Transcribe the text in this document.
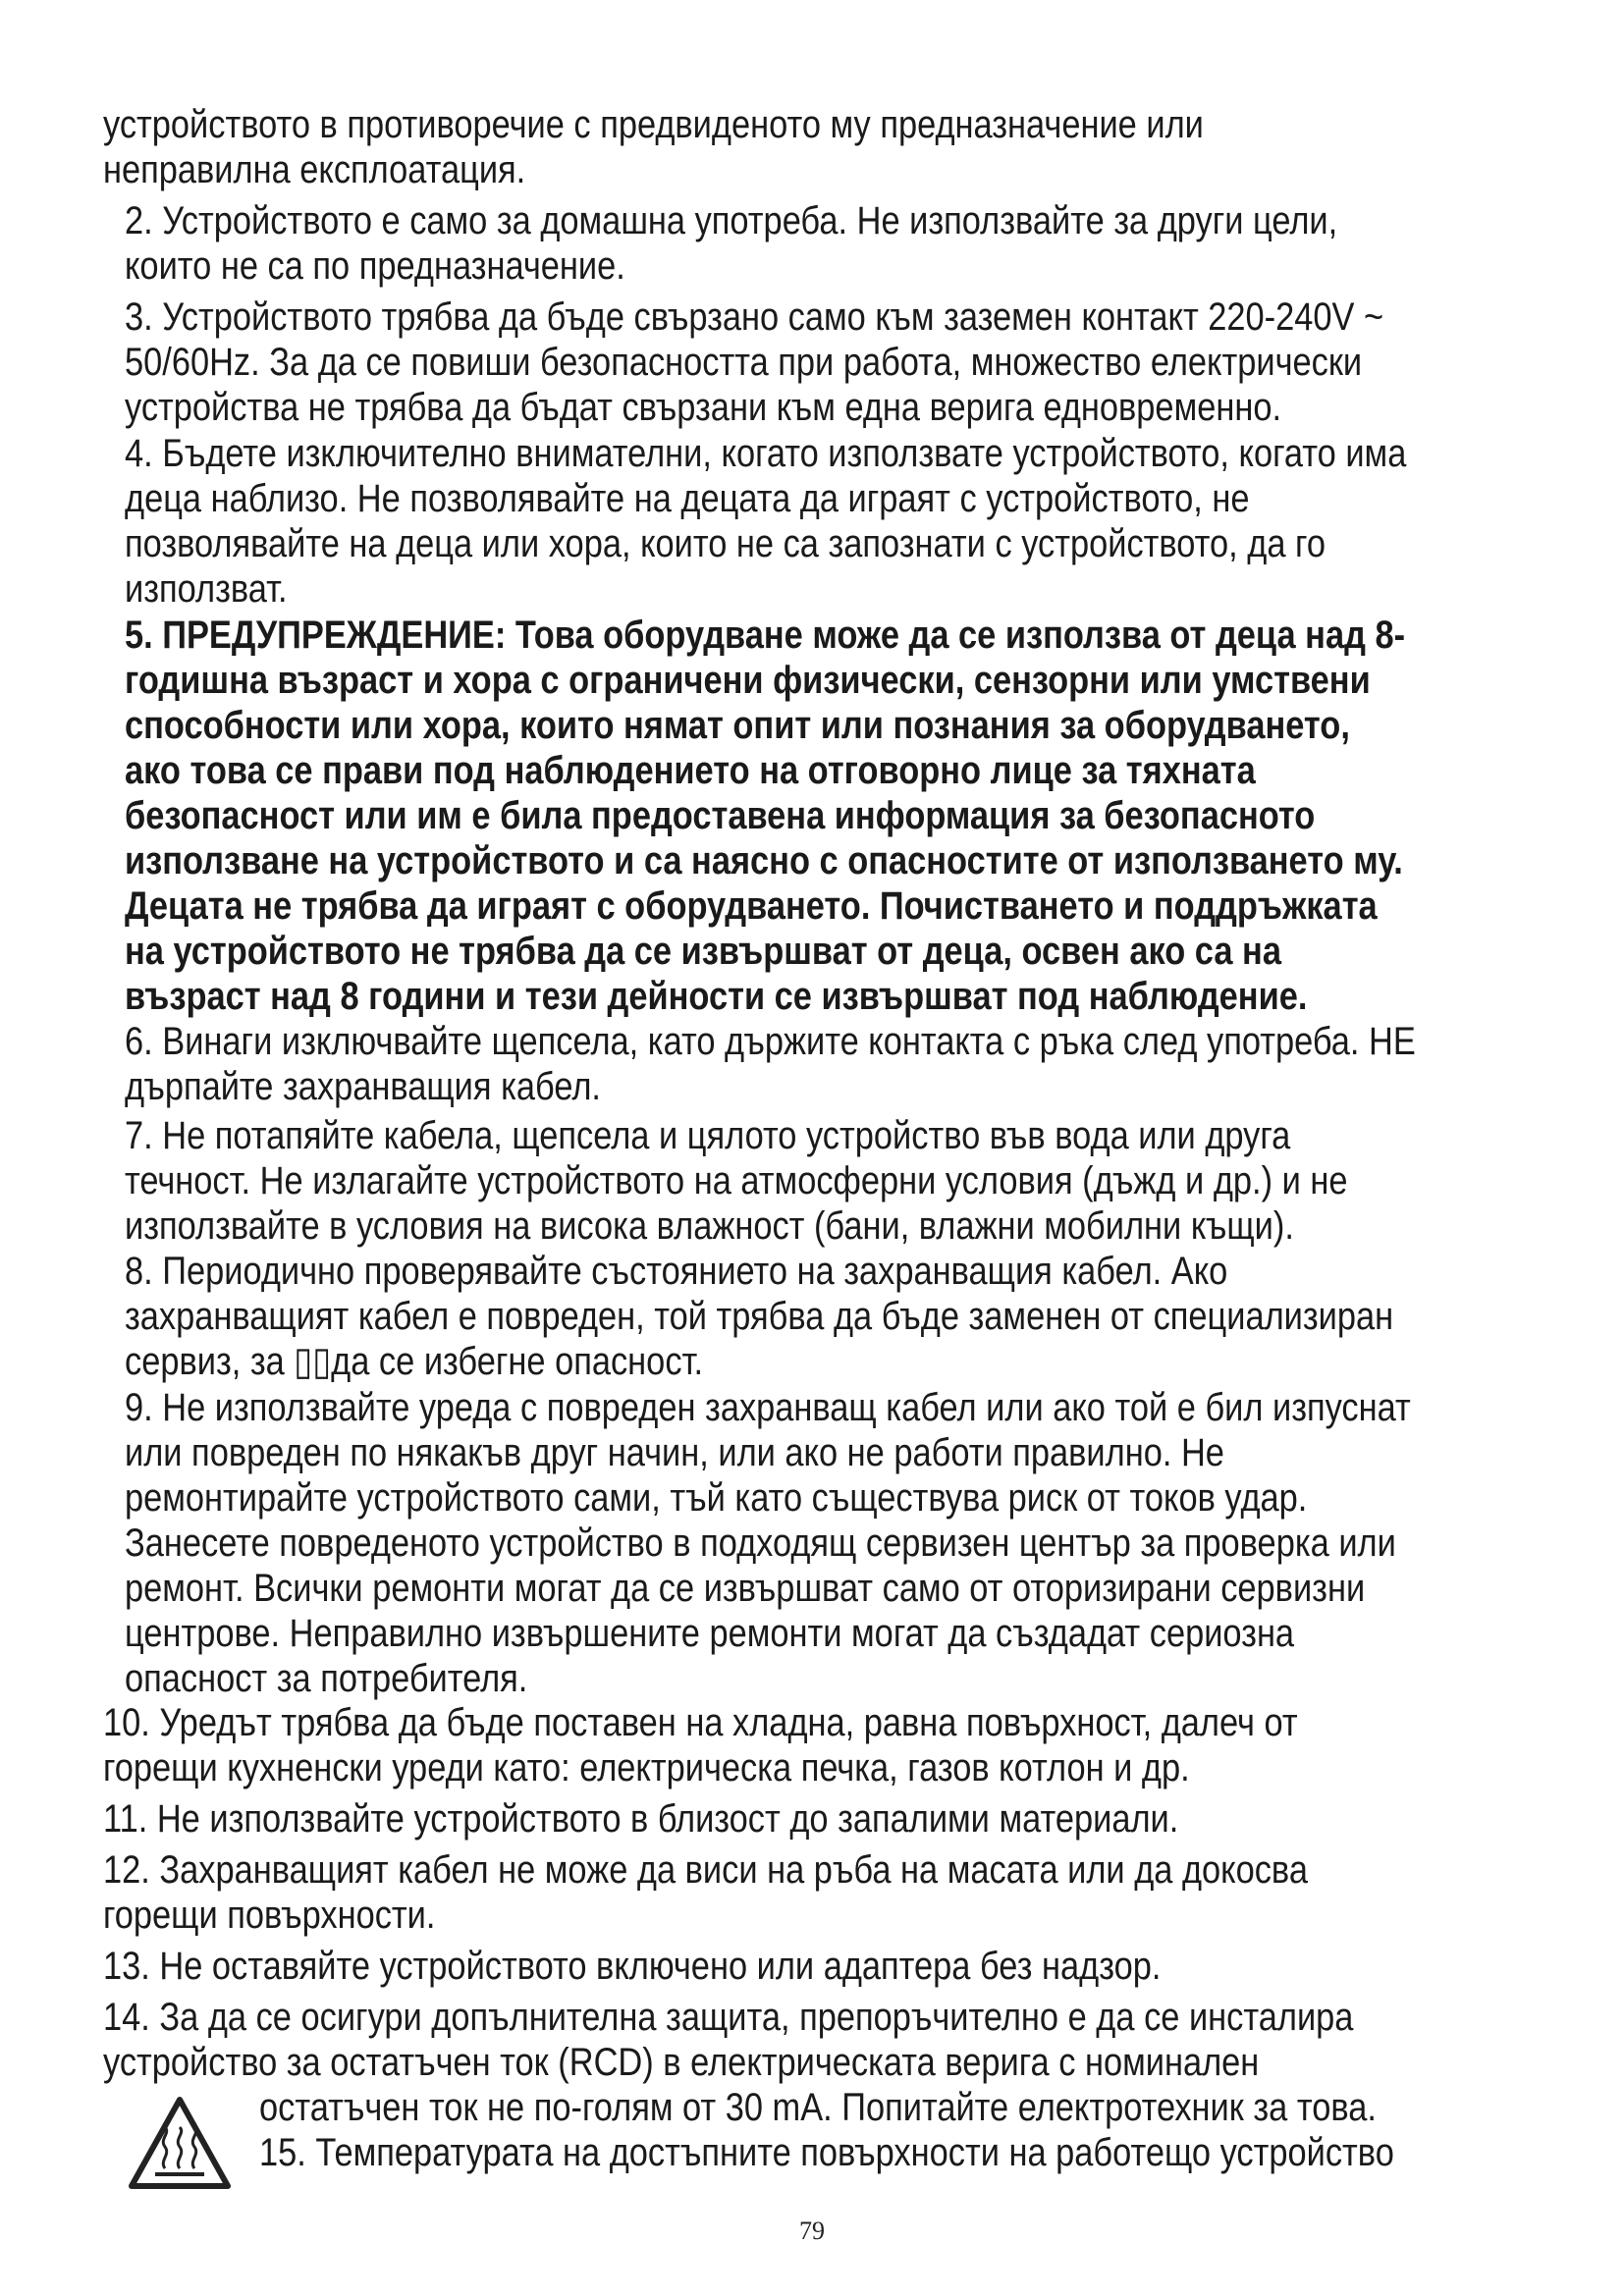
устройството в противоречие с предвиденото му предназначение или
неправилна експлоатация.
2. Устройството е само за домашна употреба. Не използвайте за други цели,
които не са по предназначение.
3. Устройството трябва да бъде свързано само към заземен контакт 220-240V ~
50/60Hz. За да се повиши безопасността при работа, множество електрически
устройства не трябва да бъдат свързани към една верига едновременно.
4. Бъдете изключително внимателни, когато използвате устройството, когато има
деца наблизо. Не позволявайте на децата да играят с устройството, не
позволявайте на деца или хора, които не са запознати с устройството, да го
използват.
5. ПРЕДУПРЕЖДЕНИЕ: Това оборудване може да се използва от деца над 8-
годишна възраст и хора с ограничени физически, сензорни или умствени
способности или хора, които нямат опит или познания за оборудването,
ако това се прави под наблюдението на отговорно лице за тяхната
безопасност или им е била предоставена информация за безопасното
използване на устройството и са наясно с опасностите от използването му.
Децата не трябва да играят с оборудването. Почистването и поддръжката
на устройството не трябва да се извършват от деца, освен ако са на
възраст над 8 години и тези дейности се извършват под наблюдение.
6. Винаги изключвайте щепсела, като държите контакта с ръка след употреба. НЕ
дърпайте захранващия кабел.
7. Не потапяйте кабела, щепсела и цялото устройство във вода или друга
течност. Не излагайте устройството на атмосферни условия (дъжд и др.) и не
използвайте в условия на висока влажност (бани, влажни мобилни къщи).
8. Периодично проверявайте състоянието на захранващия кабел. Ако
захранващият кабел е повреден, той трябва да бъде заменен от специализиран
сервиз, за ▯▯да се избегне опасност.
9. Не използвайте уреда с повреден захранващ кабел или ако той е бил изпуснат
или повреден по някакъв друг начин, или ако не работи правилно. Не
ремонтирайте устройството сами, тъй като съществува риск от токов удар.
Занесете повреденото устройство в подходящ сервизен център за проверка или
ремонт. Всички ремонти могат да се извършват само от оторизирани сервизни
центрове. Неправилно извършените ремонти могат да създадат сериозна
опасност за потребителя.
10. Уредът трябва да бъде поставен на хладна, равна повърхност, далеч от
горещи кухненски уреди като: електрическа печка, газов котлон и др.
11. Не използвайте устройството в близост до запалими материали.
12. Захранващият кабел не може да виси на ръба на масата или да докосва
горещи повърхности.
13. Не оставяйте устройството включено или адаптера без надзор.
14. За да се осигури допълнителна защита, препоръчително е да се инсталира
устройство за остатъчен ток (RCD) в електрическата верига с номинален
остатъчен ток не по-голям от 30 mA. Попитайте електротехник за това.
15. Температурата на достъпните повърхности на работещо устройство
79
